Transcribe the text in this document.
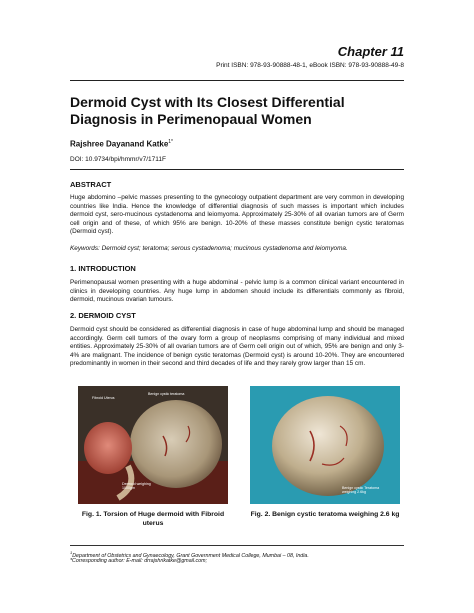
Chapter 11
Print ISBN: 978-93-90888-48-1, eBook ISBN: 978-93-90888-49-8
Dermoid Cyst with Its Closest Differential Diagnosis in Perimenopaual Women
Rajshree Dayanand Katke$^{1*}$
DOI: 10.9734/bpi/hmmr/v7/1711F
ABSTRACT
Huge abdomino –pelvic masses presenting to the gynecology outpatient department are very common in developing countries like India. Hence the knowledge of differential diagnosis of such masses is important which includes dermoid cyst, sero-mucinous cystadenoma and leiomyoma. Approximately 25-30% of all ovarian tumors are of Germ cell origin and of these, of which 95% are benign. 10-20% of these masses constitute benign cystic teratomas (Dermoid cyst).
Keywords: Dermoid cyst; teratoma; serous cystadenoma; mucinous cystadenoma and leiomyoma.
1. INTRODUCTION
Perimenopausal women presenting with a huge abdominal - pelvic lump is a common clinical variant encountered in clinics in developing countries. Any huge lump in abdomen should include its differentials commonly as fibroid, dermoid, mucinous ovarian tumours.
2. DERMOID CYST
Dermoid cyst should be considered as differential diagnosis in case of huge abdominal lump and should be managed accordingly. Germ cell tumors of the ovary form a group of neoplasms comprising of many individual and mixed entities. Approximately 25-30% of all ovarian tumors are of Germ cell origin out of which, 95% are benign and only 3-4% are malignant. The incidence of benign cystic teratomas (Dermoid cyst) is around 10-20%. They are encountered predominantly in women in their second and third decades of life and they rarely grow larger than 15 cm.
Fibroid Uterus
Benign cystic teratoma
Dermoid weighing 1000gm
Fig. 1. Torsion of Huge dermoid with Fibroid uterus
Benign cystic Teratoma weighing 2.6kg
Fig. 2. Benign cystic teratoma weighing 2.6 kg
$^1$Department of Obstetrics and Gynaecology, Grant Government Medical College, Mumbai – 08, India.
*Corresponding author: E-mail: drrajshrikatke@gmail.com;
